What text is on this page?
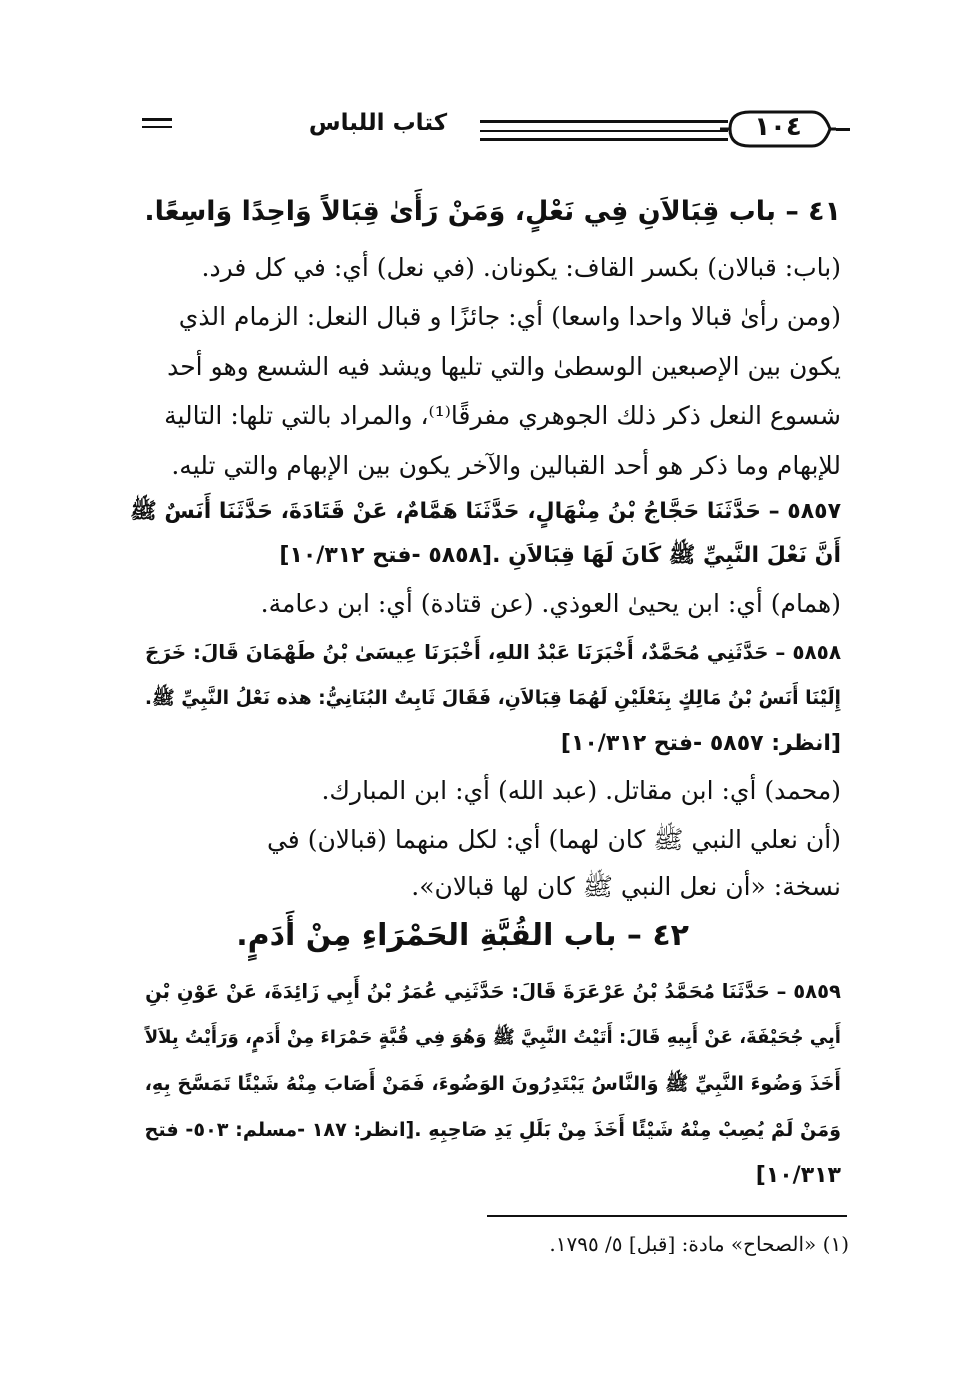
كتاب اللباس	١٠٤
٤١ – باب قِبَالاَنِ فِي نَعْلٍ، وَمَنْ رَأَىٰ قِبَالاً وَاحِدًا وَاسِعًا.
(باب: قبالان) بكسر القاف: يكونان. (في نعل) أي: في كل فرد.
(ومن رأىٰ قبالا واحدا واسعا) أي: جائزًا و قبال النعل: الزمام الذي
يكون بين الإصبعين الوسطىٰ والتي تليها ويشد فيه الشسع وهو أحد
شسوع النعل ذكر ذلك الجوهري مفرقًا⁽¹⁾، والمراد بالتي تلها: التالية
للإبهام وما ذكر هو أحد القبالين والآخر يكون بين الإبهام والتي تليه.
٥٨٥٧ – حَدَّثَنَا حَجَّاجُ بْنُ مِنْهَالٍ، حَدَّثَنَا هَمَّامٌ، عَنْ قَتَادَةَ، حَدَّثَنَا أَنَسٌ ﷺ
أَنَّ نَعْلَ النَّبِيِّ ﷺ كَانَ لَهَا قِبَالاَنِ .[٥٨٥٨ -فتح ١٠/٣١٢]
(همام) أي: ابن يحيىٰ العوذي. (عن قتادة) أي: ابن دعامة.
٥٨٥٨ – حَدَّثَنِي مُحَمَّدٌ، أَخْبَرَنَا عَبْدُ اللهِ، أَخْبَرَنَا عِيسَىٰ بْنُ طَهْمَانَ قَالَ: خَرَجَ
إِلَيْنَا أَنَسُ بْنُ مَالِكٍ بِنَعْلَيْنِ لَهُمَا قِبَالاَنِ، فَقَالَ ثَابِتٌ البُنَانِيُّ: هذه نَعْلُ النَّبِيِّ ﷺ.
[انظر: ٥٨٥٧ -فتح ١٠/٣١٢]
(محمد) أي: ابن مقاتل. (عبد الله) أي: ابن المبارك.
(أن نعلي النبي ﷺ كان لهما) أي: لكل منهما (قبالان) في
نسخة: «أن نعل النبي ﷺ كان لها قبالان».
٤٢ – باب القُبَّةِ الحَمْرَاءِ مِنْ أَدَمٍ.
٥٨٥٩ – حَدَّثَنَا مُحَمَّدُ بْنُ عَرْعَرَةَ قَالَ: حَدَّثَنِي عُمَرُ بْنُ أَبِي زَائِدَةَ، عَنْ عَوْنِ بْنِ
أَبِي جُحَيْفَةَ، عَنْ أَبِيهِ قَالَ: أَتَيْتُ النَّبِيَّ ﷺ وَهُوَ فِي قُبَّةٍ حَمْرَاءَ مِنْ أَدَمٍ، وَرَأَيْتُ بِلاَلاً
أَخَذَ وَضُوءَ النَّبِيِّ ﷺ وَالنَّاسُ يَبْتَدِرُونَ الوَضُوءَ، فَمَنْ أَصَابَ مِنْهُ شَيْئًا تَمَسَّحَ بِهِ،
وَمَنْ لَمْ يُصِبْ مِنْهُ شَيْئًا أَخَذَ مِنْ بَلَلِ يَدِ صَاحِبِهِ .[انظر: ١٨٧ -مسلم: ٥٠٣- فتح
١٠/٣١٣]
(١) «الصحاح» مادة: [قبل] ٥/ ١٧٩٥.
